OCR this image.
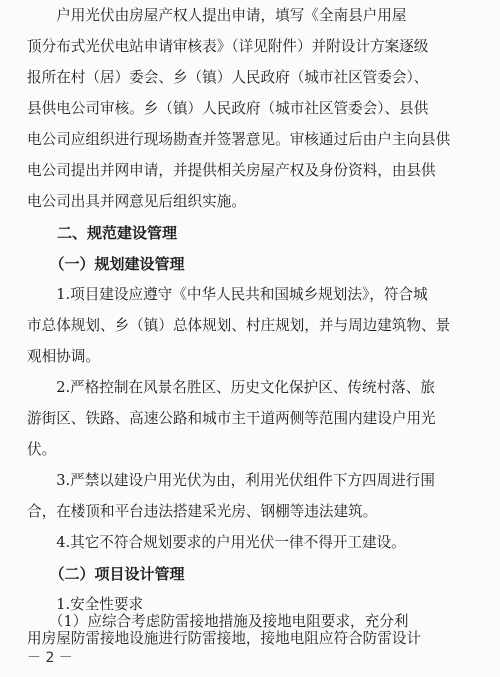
　　户用光伏由房屋产权人提出申请，填写《全南县户用屋
顶分布式光伏电站申请审核表》（详见附件）并附设计方案逐级
报所在村（居）委会、乡（镇）人民政府（城市社区管委会）、
县供电公司审核。乡（镇）人民政府（城市社区管委会）、县供
电公司应组织进行现场勘查并签署意见。审核通过后由户主向县供
电公司提出并网申请，并提供相关房屋产权及身份资料，由县供
电公司出具并网意见后组织实施。
　　二、规范建设管理
　　（一）规划建设管理
　　1.项目建设应遵守《中华人民共和国城乡规划法》，符合城
市总体规划、乡（镇）总体规划、村庄规划，并与周边建筑物、景
观相协调。
　　2.严格控制在风景名胜区、历史文化保护区、传统村落、旅
游街区、铁路、高速公路和城市主干道两侧等范围内建设户用光
伏。
　　3.严禁以建设户用光伏为由，利用光伏组件下方四周进行围
合，在楼顶和平台违法搭建采光房、钢棚等违法建筑。
　　4.其它不符合规划要求的户用光伏一律不得开工建设。
　　（二）项目设计管理
　　1.安全性要求
　　（1）应综合考虑防雷接地措施及接地电阻要求，充分利
用房屋防雷接地设施进行防雷接地，接地电阻应符合防雷设计
－ 2 －
